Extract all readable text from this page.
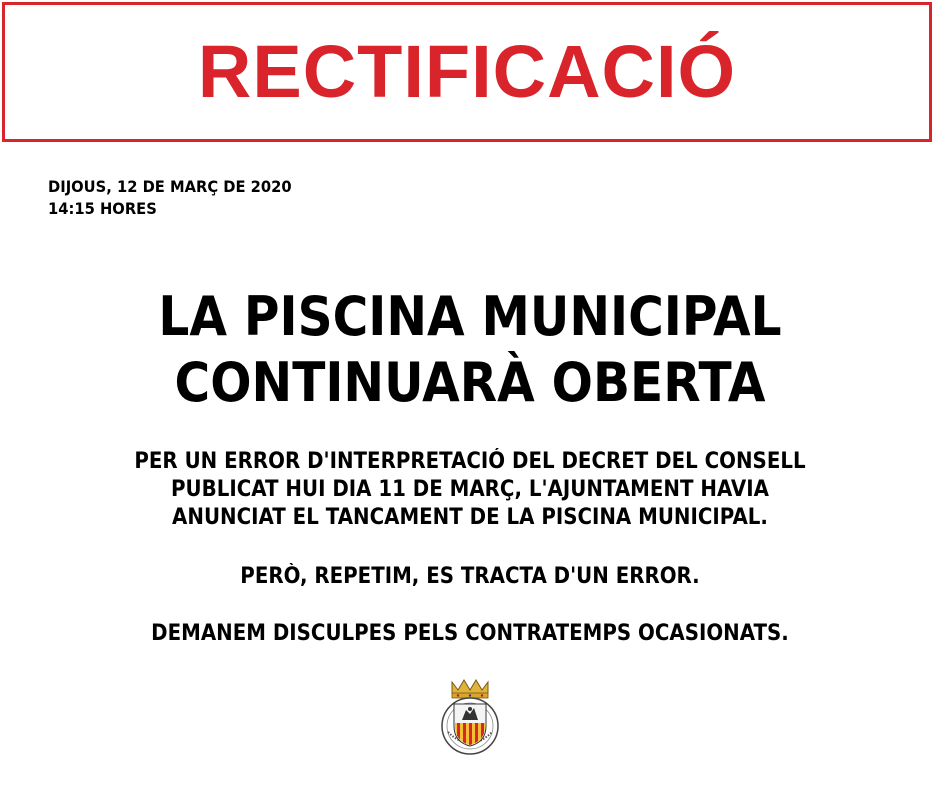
RECTIFICACIÓ
DIJOUS, 12 DE MARÇ DE 2020
14:15 HORES
LA PISCINA MUNICIPAL
CONTINUARÀ OBERTA
PER UN ERROR D'INTERPRETACIÓ DEL DECRET DEL CONSELL
PUBLICAT HUI DIA 11 DE MARÇ, L'AJUNTAMENT HAVIA
ANUNCIAT EL TANCAMENT DE LA PISCINA MUNICIPAL.
PERÒ, REPETIM, ES TRACTA D'UN ERROR.
DEMANEM DISCULPES PELS CONTRATEMPS OCASIONATS.
